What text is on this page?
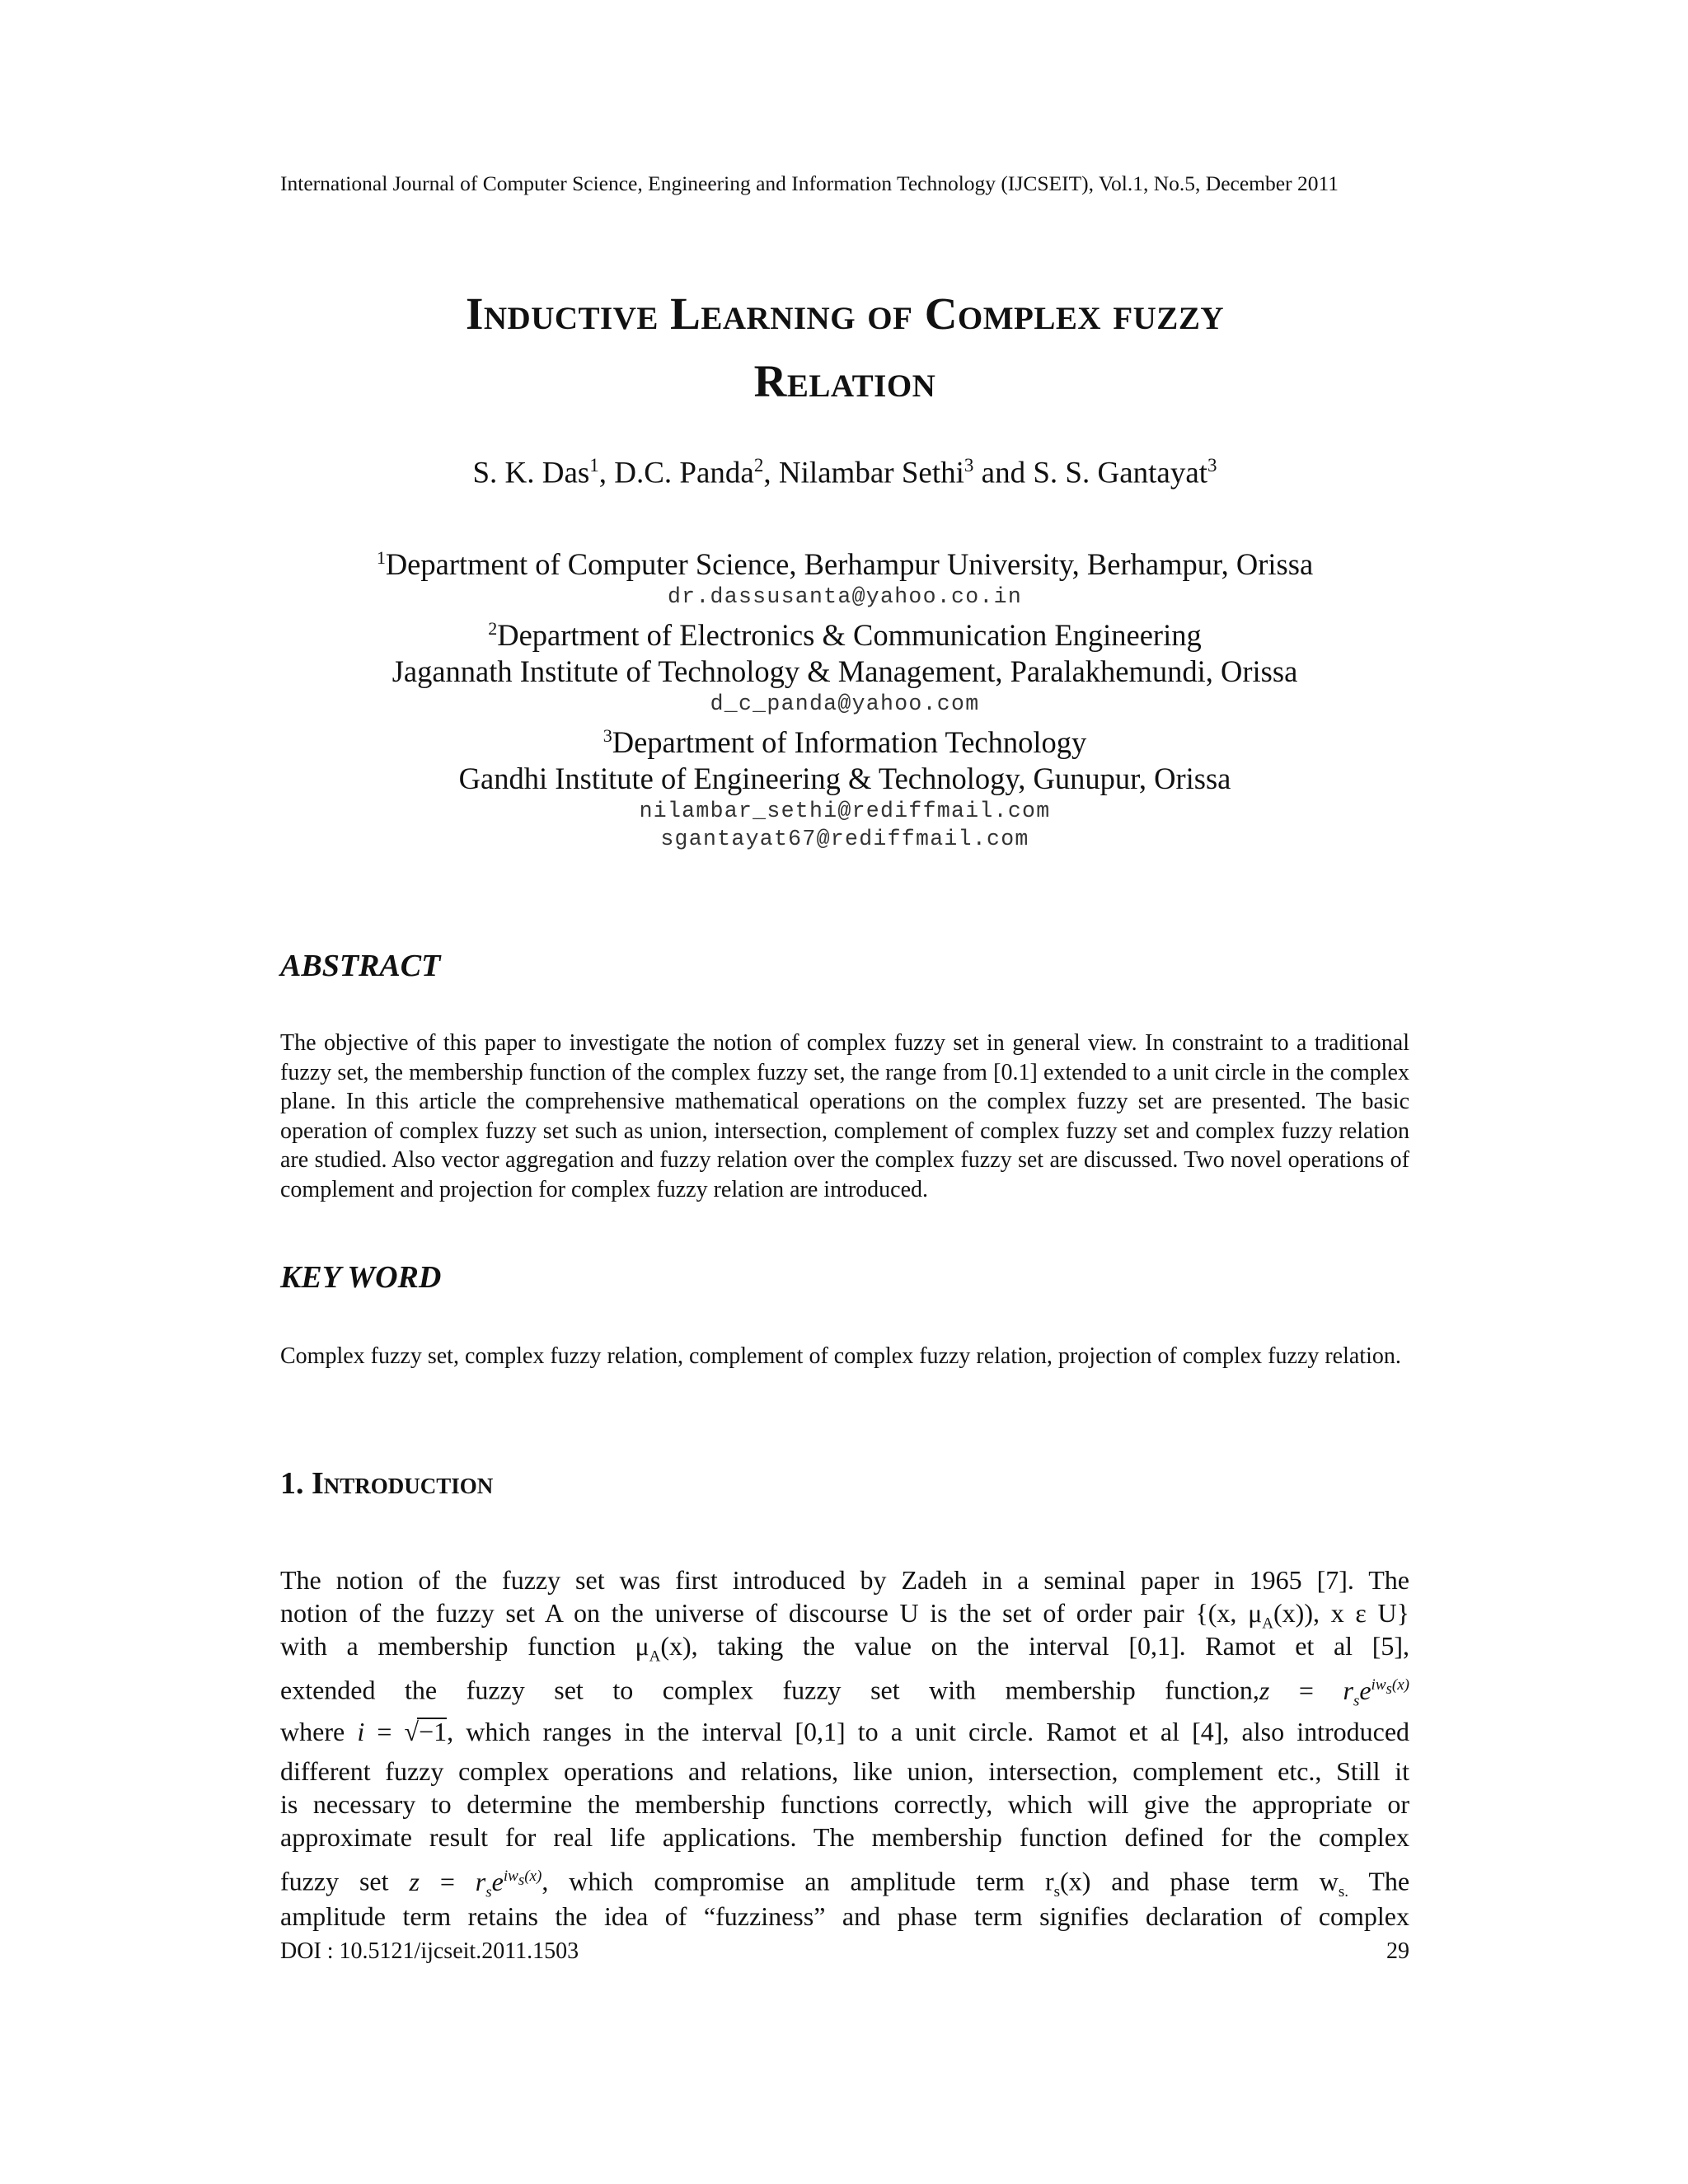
International Journal of Computer Science, Engineering and Information Technology (IJCSEIT), Vol.1, No.5, December 2011
Inductive Learning of Complex fuzzy
Relation
S. K. Das$^1$, D.C. Panda$^2$, Nilambar Sethi$^3$ and S. S. Gantayat$^3$
$^1$Department of Computer Science, Berhampur University, Berhampur, Orissa
dr.dassusanta@yahoo.co.in
$^2$Department of Electronics & Communication Engineering
Jagannath Institute of Technology & Management, Paralakhemundi, Orissa
d_c_panda@yahoo.com
$^3$Department of Information Technology
Gandhi Institute of Engineering & Technology, Gunupur, Orissa
nilambar_sethi@rediffmail.com
sgantayat67@rediffmail.com
ABSTRACT
The objective of this paper to investigate the notion of complex fuzzy set in general view. In constraint to a traditional fuzzy set, the membership function of the complex fuzzy set, the range from [0.1] extended to a unit circle in the complex plane. In this article the comprehensive mathematical operations on the complex fuzzy set are presented. The basic operation of complex fuzzy set such as union, intersection, complement of complex fuzzy set and complex fuzzy relation are studied. Also vector aggregation and fuzzy relation over the complex fuzzy set are discussed. Two novel operations of complement and projection for complex fuzzy relation are introduced.
KEY WORD
Complex fuzzy set, complex fuzzy relation, complement of complex fuzzy relation, projection of complex fuzzy relation.
1. Introduction
The notion of the fuzzy set was first introduced by Zadeh in a seminal paper in 1965 [7]. The
notion of the fuzzy set A on the universe of discourse U is the set of order pair {(x, $\mu_A(x)$), x ε U}
with a membership function $\mu_A(x)$, taking the value on the interval [0,1]. Ramot et al [5],
extended the fuzzy set to complex fuzzy set with membership function,z = $r_se^{iw_s(x)}$
where i = √−1, which ranges in the interval [0,1] to a unit circle. Ramot et al [4], also introduced
different fuzzy complex operations and relations, like union, intersection, complement etc., Still it
is necessary to determine the membership functions correctly, which will give the appropriate or
approximate result for real life applications. The membership function defined for the complex
fuzzy set $z = r_se^{iw_s(x)}$, which compromise an amplitude term $r_s(x)$ and phase term $w_{s.}$ The
amplitude term retains the idea of “fuzziness” and phase term signifies declaration of complex
DOI : 10.5121/ijcseit.2011.1503	29
